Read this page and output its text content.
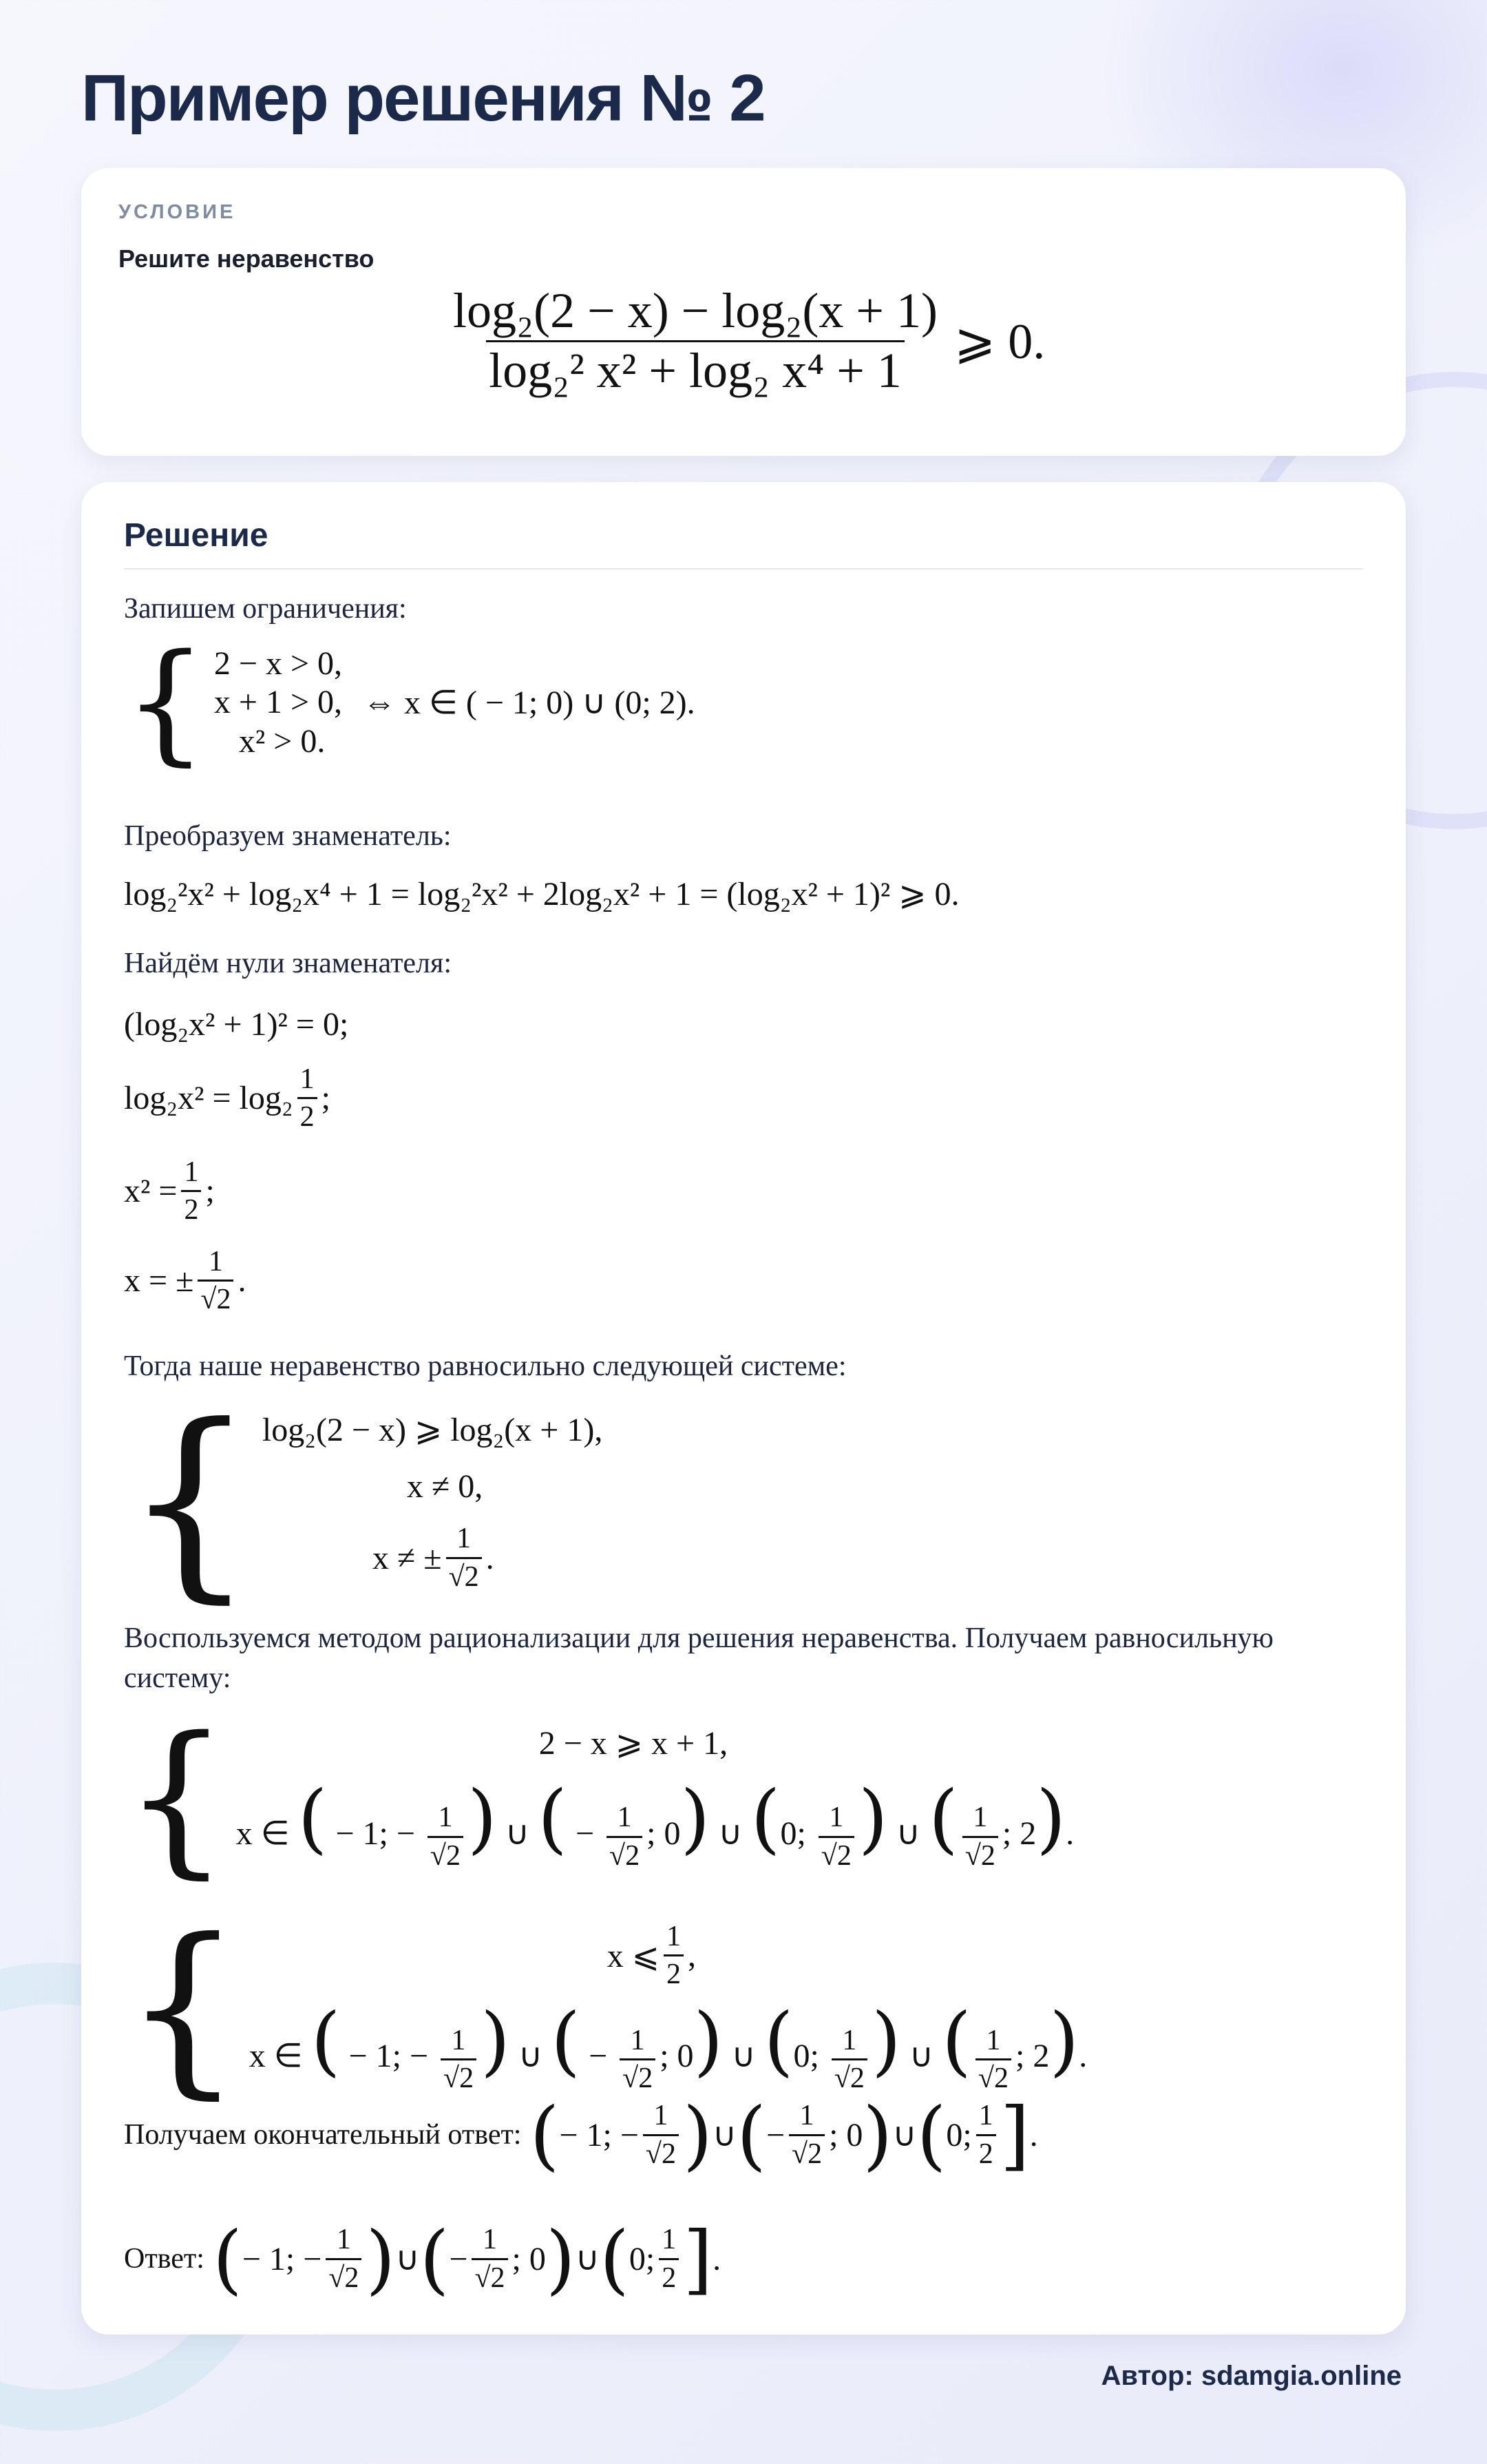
Пример решения № 2
УСЛОВИЕ
Решите неравенство
$\frac{\text{log₂(2 − x) − log₂(x + 1)}}{\text{log₂² x² + log₂ x⁴ + 1}}$ ⩾ 0.
Решение
Запишем ограничения:
{ 2 − x > 0,
x + 1 > 0,
x² > 0.
⇔ x ∈ ( − 1; 0) ∪ (0; 2).
Преобразуем знаменатель:
log₂²x² + log₂x⁴ + 1 = log₂²x² + 2log₂x² + 1 = (log₂x² + 1)² ⩾ 0.
Найдём нули знаменателя:
(log₂x² + 1)² = 0;
$\log_2x^2 = \log_2 \frac{1}{2}$ ;
$x^2 = \frac{1}{2}$ ;
x = ± $\frac{1}{√2}$ .
Тогда наше неравенство равносильно следующей системе:
{ log₂(2 − x) ⩾ log₂(x + 1),
x ≠ 0,
x ≠ ± $\frac{1}{√2}$ .
Воспользуемся методом рационализации для решения неравенства. Получаем равносильную систему:
{	2 − x ⩾ x + 1,
x ∈ ( − 1; − $\frac{1}{√2}$ ) ∪ ( − $\frac{1}{√2}$ ; 0) ∪ (0; $\frac{1}{√2}$ ) ∪ ( $\frac{1}{√2}$ ; 2).
{	x ⩽ $\frac{1}{2}$ ,
x ∈ ( − 1; − $\frac{1}{√2}$ ) ∪ ( − $\frac{1}{√2}$ ; 0) ∪ (0; $\frac{1}{√2}$ ) ∪ ( $\frac{1}{√2}$ ; 2).
Получаем окончательный ответ: ( − 1; − $\frac{1}{√2}$ ) ∪ ( − $\frac{1}{√2}$ ; 0 ) ∪ ( 0; $\frac{1}{2}$ ] .
Ответ: ( − 1; − $\frac{1}{√2}$ ) ∪ ( − $\frac{1}{√2}$ ; 0 ) ∪ ( 0; $\frac{1}{2}$ ] .
Автор: sdamgia.online
